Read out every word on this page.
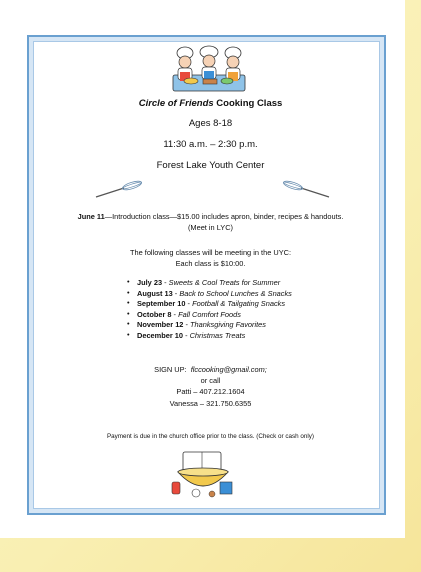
Circle of Friends Cooking Class
Ages 8-18
11:30 a.m. – 2:30 p.m.
Forest Lake Youth Center
June 11—Introduction class—$15.00 includes apron, binder, recipes & handouts.
(Meet in LYC)
The following classes will be meeting in the UYC:
Each class is $10:00.
• July 23 - Sweets & Cool Treats for Summer
• August 13 - Back to School Lunches & Snacks
• September 10 - Football & Tailgating Snacks
• October 8 - Fall Comfort Foods
• November 12 - Thanksgiving Favorites
• December 10 - Christmas Treats
SIGN UP: flccooking@gmail.com;
or call
Patti – 407.212.1604
Vanessa – 321.750.6355
Payment is due in the church office prior to the class. (Check or cash only)
